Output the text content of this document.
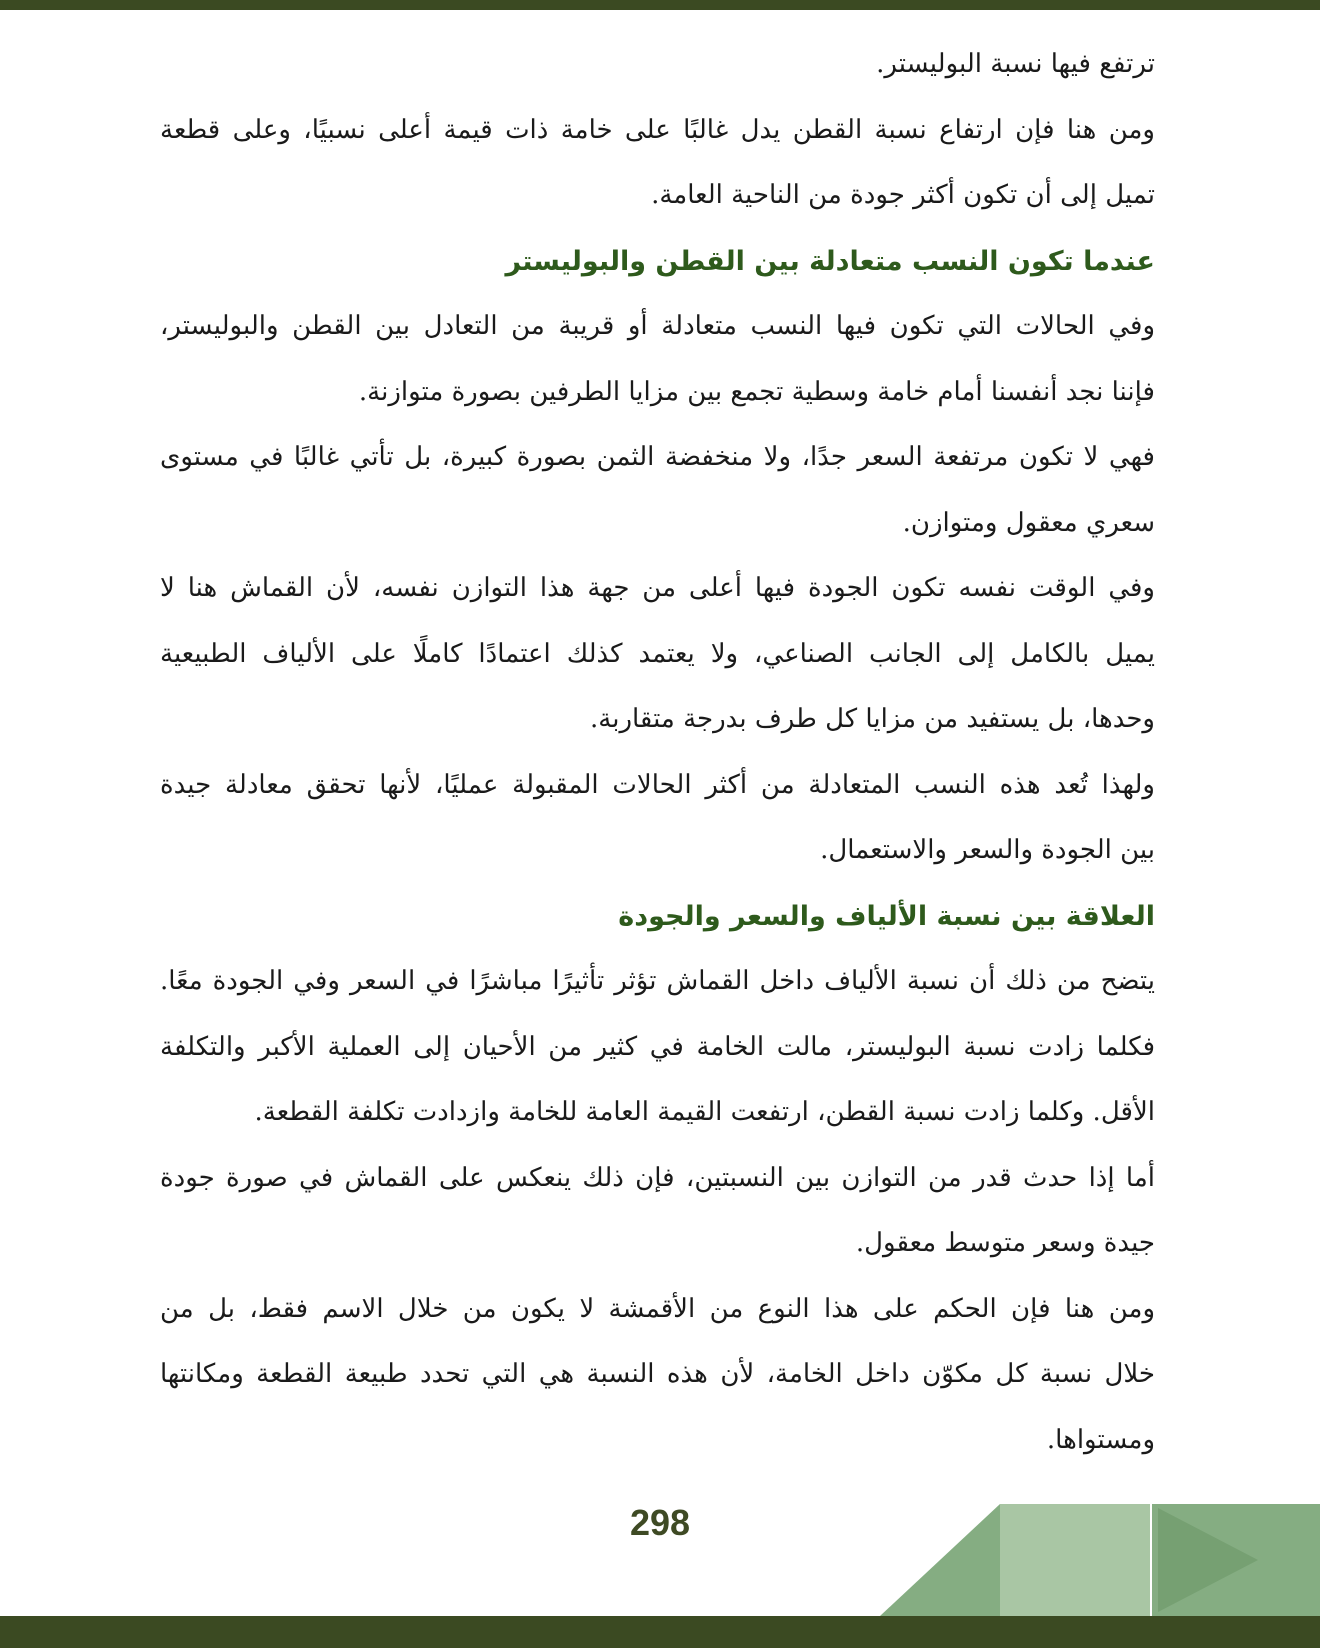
ترتفع فيها نسبة البوليستر.
ومن هنا فإن ارتفاع نسبة القطن يدل غالبًا على خامة ذات قيمة أعلى نسبيًا، وعلى قطعة
تميل إلى أن تكون أكثر جودة من الناحية العامة.
عندما تكون النسب متعادلة بين القطن والبوليستر
وفي الحالات التي تكون فيها النسب متعادلة أو قريبة من التعادل بين القطن والبوليستر،
فإننا نجد أنفسنا أمام خامة وسطية تجمع بين مزايا الطرفين بصورة متوازنة.
فهي لا تكون مرتفعة السعر جدًا، ولا منخفضة الثمن بصورة كبيرة، بل تأتي غالبًا في مستوى
سعري معقول ومتوازن.
وفي الوقت نفسه تكون الجودة فيها أعلى من جهة هذا التوازن نفسه، لأن القماش هنا لا
يميل بالكامل إلى الجانب الصناعي، ولا يعتمد كذلك اعتمادًا كاملًا على الألياف الطبيعية
وحدها، بل يستفيد من مزايا كل طرف بدرجة متقاربة.
ولهذا تُعد هذه النسب المتعادلة من أكثر الحالات المقبولة عمليًا، لأنها تحقق معادلة جيدة
بين الجودة والسعر والاستعمال.
العلاقة بين نسبة الألياف والسعر والجودة
يتضح من ذلك أن نسبة الألياف داخل القماش تؤثر تأثيرًا مباشرًا في السعر وفي الجودة معًا.
فكلما زادت نسبة البوليستر، مالت الخامة في كثير من الأحيان إلى العملية الأكبر والتكلفة
الأقل. وكلما زادت نسبة القطن، ارتفعت القيمة العامة للخامة وازدادت تكلفة القطعة.
أما إذا حدث قدر من التوازن بين النسبتين، فإن ذلك ينعكس على القماش في صورة جودة
جيدة وسعر متوسط معقول.
ومن هنا فإن الحكم على هذا النوع من الأقمشة لا يكون من خلال الاسم فقط، بل من
خلال نسبة كل مكوّن داخل الخامة، لأن هذه النسبة هي التي تحدد طبيعة القطعة ومكانتها
ومستواها.
298
